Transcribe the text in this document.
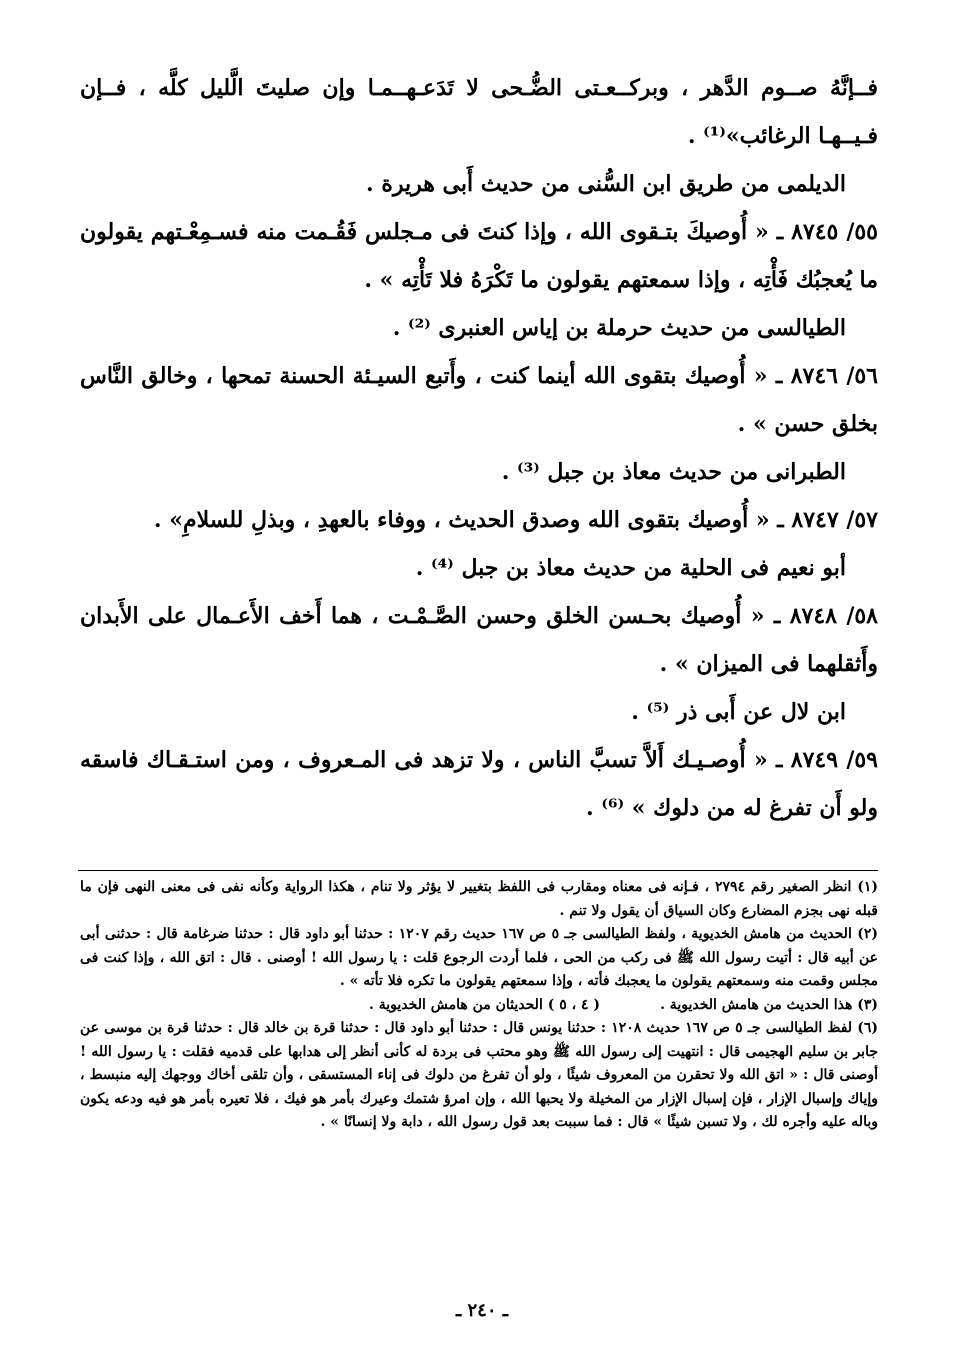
فــإنَّهُ صــوم الدَّهر ، وبركــعـتى الضُّـحى لا تَدَعـهــمـا وإن صليتَ الَّليل كلَّه ، فــإن فـيــهـا الرغائب»⁽¹⁾ .

الديلمى من طريق ابن السُّنى من حديث أَبى هريرة .

٥٥/ ٨٧٤٥ ـ « أُوصيكَ بتـقوى الله ، وإذا كنتَ فى مـجلس فَقُـمت منه فسـمِعْـتهم يقولون ما يُعجبُك فَأْتِه ، وإذا سمعتهم يقولون ما تَكْرَهُ فلا تَأْتِه » .

الطيالسى من حديث حرملة بن إياس العنبرى ⁽²⁾ .

٥٦/ ٨٧٤٦ ـ « أُوصيك بتقوى الله أينما كنت ، وأَتبع السيـئة الحسنة تمحها ، وخالق النَّاس بخلق حسن » .

الطبرانى من حديث معاذ بن جبل ⁽³⁾ .

٥٧/ ٨٧٤٧ ـ « أُوصيك بتقوى الله وصدق الحديث ، ووفاء بالعهدِ ، وبذلِ للسلامِ» .

أبو نعيم فى الحلية من حديث معاذ بن جبل ⁽⁴⁾ .

٥٨/ ٨٧٤٨ ـ « أُوصيك بحـسن الخلق وحسن الصَّـمْـت ، هما أَخف الأَعـمال على الأَبدان وأَثقلهما فى الميزان » .

ابن لال عن أَبى ذر ⁽⁵⁾ .

٥٩/ ٨٧٤٩ ـ « أُوصـيـك أَلاَّ تسبَّ الناس ، ولا تزهد فى المـعروف ، ومن استـقـاك فاسقه ولو أَن تفرغ له من دلوك » ⁽⁶⁾ .

(١) انظر الصغير رقم ٢٧٩٤ ، فـإنه فى معناه ومقارب فى اللفظ بتغيير لا يؤثر ولا تنام ، هكذا الرواية وكأنه نفى فى معنى النهى فإن ما قبله نهى بجزم المضارع وكان السياق أن يقول ولا تنم .

(٢) الحديث من هامش الخديوية ، ولفظ الطيالسى جـ ٥ ص ١٦٧ حديث رقم ١٢٠٧ : حدثنا أبو داود قال : حدثنا ضرغامة قال : حدثنى أبى عن أبيه قال : أتيت رسول الله ﷺ فى ركب من الحى ، فلما أردت الرجوع قلت : يا رسول الله ! أوصنى . قال : اتق الله ، وإذا كنت فى مجلس وقمت منه وسمعتهم يقولون ما يعجبك فأته ، وإذا سمعتهم يقولون ما تكره فلا تأته » .

(٣) هذا الحديث من هامش الخديوية .
( ٤ ، ٥ ) الحديثان من هامش الخديوية .

(٦) لفظ الطيالسى جـ ٥ ص ١٦٧ حديث ١٢٠٨ : حدثنا يونس قال : حدثنا أبو داود قال : حدثنا قرة بن خالد قال : حدثنا قرة بن موسى عن جابر بن سليم الهجيمى قال : انتهيت إلى رسول الله ﷺ وهو محتب فى بردة له كأنى أنظر إلى هدابها على قدميه فقلت : يا رسول الله ! أوصنى قال : « اتق الله ولا تحقرن من المعروف شيئًا ، ولو أن تفرغ من دلوك فى إناء المستسقى ، وأن تلقى أخاك ووجهك إليه منبسط ، وإياك وإسبال الإزار ، فإن إسبال الإزار من المخيلة ولا يحبها الله ، وإن امرؤ شتمك وعيرك بأمر هو فيك ، فلا تعيره بأمر هو فيه ودعه يكون وباله عليه وأجره لك ، ولا تسبن شيئًا » قال : فما سببت بعد قول رسول الله ، دابة ولا إنسانًا » .

ـ ٢٤٠ ـ
